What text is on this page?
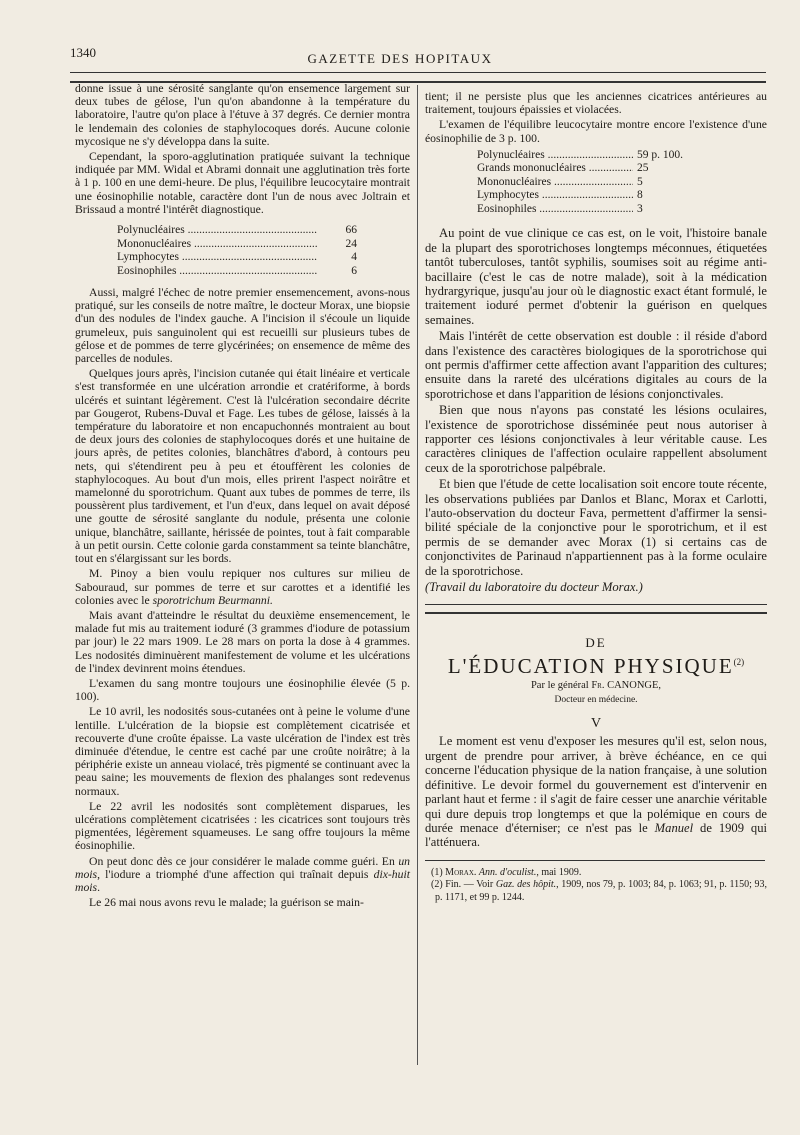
1340	GAZETTE DES HOPITAUX

donne issue à une sérosité sanglante qu'on ensemence largement sur deux tubes de gélose, l'un qu'on abandonne à la température du laboratoire, l'autre qu'on place à l'étuve à 37 degrés. Ce dernier montra le lendemain des colonies de staphylocoques dorés. Aucune colonie mycosique ne s'y développa dans la suite.

Cependant, la sporo-agglutination pratiquée suivant la technique indiquée par MM. Widal et Abrami donnait une agglutination très forte à 1 p. 100 en une demi-heure. De plus, l'équilibre leucocytaire montrait une éosinophilie notable, caractère dont l'un de nous avec Joltrain et Brissaud a montré l'intérêt diagnostique.

Polynucléaires .....	66
Mononucléaires .....	24
Lymphocytes .....	4
Eosinophiles .....	6

Aussi, malgré l'échec de notre premier ensemencement, avons-nous pratiqué, sur les conseils de notre maître, le docteur Morax, une biopsie d'un des nodules de l'index gauche. A l'incision il s'écoule un liquide grumeleux, puis sanguinolent qui est recueilli sur plusieurs tubes de gélose et de pommes de terre glycérinées; on ensemence de même des parcelles de nodules.

Quelques jours après, l'incision cutanée qui était linéaire et verticale s'est transformée en une ulcération arrondie et cratériforme, à bords ulcérés et suintant légèrement. C'est là l'ulcération secondaire décrite par Gougerot, Rubens-Duval et Fage. Les tubes de gélose, laissés à la température du laboratoire et non encapuchonnés montraient au bout de deux jours des colonies de staphylocoques dorés et une huitaine de jours après, de petites colonies, blanchâtres d'abord, à contours peu nets, qui s'étendirent peu à peu et étouffèrent les colonies de staphylocoques. Au bout d'un mois, elles prirent l'aspect noirâtre et mamelonné du sporotrichum. Quant aux tubes de pommes de terre, ils poussèrent plus tardivement, et l'un d'eux, dans lequel on avait déposé une goutte de sérosité sanglante du nodule, présenta une colonie unique, blanchâtre, saillante, hérissée de pointes, tout à fait comparable à un petit oursin. Cette colonie garda constamment sa teinte blanchâtre, tout en s'élargissant sur les bords.

M. Pinoy a bien voulu repiquer nos cultures sur milieu de Sabouraud, sur pommes de terre et sur carottes et a identifié les colonies avec le sporotrichum Beurmanni.

Mais avant d'atteindre le résultat du deuxième ensemencement, le malade fut mis au traitement ioduré (3 grammes d'iodure de potassium par jour) le 22 mars 1909. Le 28 mars on porta la dose à 4 grammes. Les nodosités diminuèrent manifestement de volume et les ulcérations de l'index devinrent moins étendues.

L'examen du sang montre toujours une éosinophilie élevée (5 p. 100).

Le 10 avril, les nodosités sous-cutanées ont à peine le volume d'une lentille. L'ulcération de la biopsie est complètement cicatrisée et recouverte d'une croûte épaisse. La vaste ulcération de l'index est très diminuée d'étendue, le centre est caché par une croûte noirâtre; à la périphérie existe un anneau violacé, très pigmenté se continuant avec la peau saine; les mouvements de flexion des phalanges sont redevenus normaux.

Le 22 avril les nodosités sont complètement disparues, les ulcérations complètement cicatrisées : les cicatrices sont toujours très pigmentées, légèrement squameuses. Le sang offre toujours la même éosinophilie.

On peut donc dès ce jour considérer le malade comme guéri. En un mois, l'iodure a triomphé d'une affection qui traînait depuis dix-huit mois.

Le 26 mai nous avons revu le malade; la guérison se main-

tient; il ne persiste plus que les anciennes cicatrices antérieures au traitement, toujours épaissies et violacées.

L'examen de l'équilibre leucocytaire montre encore l'existence d'une éosinophilie de 3 p. 100.

Polynucléaires .....	59 p. 100.
Grands mononucléaires .....	25
Mononucléaires .....	5
Lymphocytes .....	8
Eosinophiles .....	3

Au point de vue clinique ce cas est, on le voit, l'histoire banale de la plupart des sporotrichoses longtemps méconnues, étiquetées tantôt tuberculoses, tantôt syphilis, soumises soit au régime antibacillaire (c'est le cas de notre malade), soit à la médication hydrargyrique, jusqu'au jour où le diagnostic exact étant formulé, le traitement ioduré permet d'obtenir la guérison en quelques semaines.

Mais l'intérêt de cette observation est double : il réside d'abord dans l'existence des caractères biologiques de la sporotrichose qui ont permis d'affirmer cette affection avant l'apparition des cultures; ensuite dans la rareté des ulcérations digitales au cours de la sporotrichose et dans l'apparition de lésions conjonctivales.

Bien que nous n'ayons pas constaté les lésions oculaires, l'existence de sporotrichose disséminée peut nous autoriser à rapporter ces lésions conjonctivales à leur véritable cause. Les caractères cliniques de l'affection oculaire rappellent absolument ceux de la sporotrichose palpébrale.

Et bien que l'étude de cette localisation soit encore toute récente, les observations publiées par Danlos et Blanc, Morax et Carlotti, l'auto-observation du docteur Fava, permettent d'affirmer la sensibilité spéciale de la conjonctive pour le sporotrichum, et il est permis de se demander avec Morax (1) si certains cas de conjonctivites de Parinaud n'appartiennent pas à la forme oculaire de la sporotrichose.

(Travail du laboratoire du docteur Morax.)

DE
L'ÉDUCATION PHYSIQUE$^{(2)}$
Par le général Fr. CANONGE,
Docteur en médecine.
V

Le moment est venu d'exposer les mesures qu'il est, selon nous, urgent de prendre pour arriver, à brève échéance, en ce qui concerne l'éducation physique de la nation française, à une solution définitive. Le devoir formel du gouvernement est d'intervenir en parlant haut et ferme : il s'agit de faire cesser une anarchie véritable qui dure depuis trop longtemps et que la polémique en cours de durée menace d'éterniser; ce n'est pas le Manuel de 1909 qui l'atténuera.

(1) Morax. Ann. d'oculist., mai 1909.
(2) Fin. — Voir Gaz. des hôpit., 1909, nos 79, p. 1003; 84, p. 1063; 91, p. 1150; 93, p. 1171, et 99 p. 1244.
